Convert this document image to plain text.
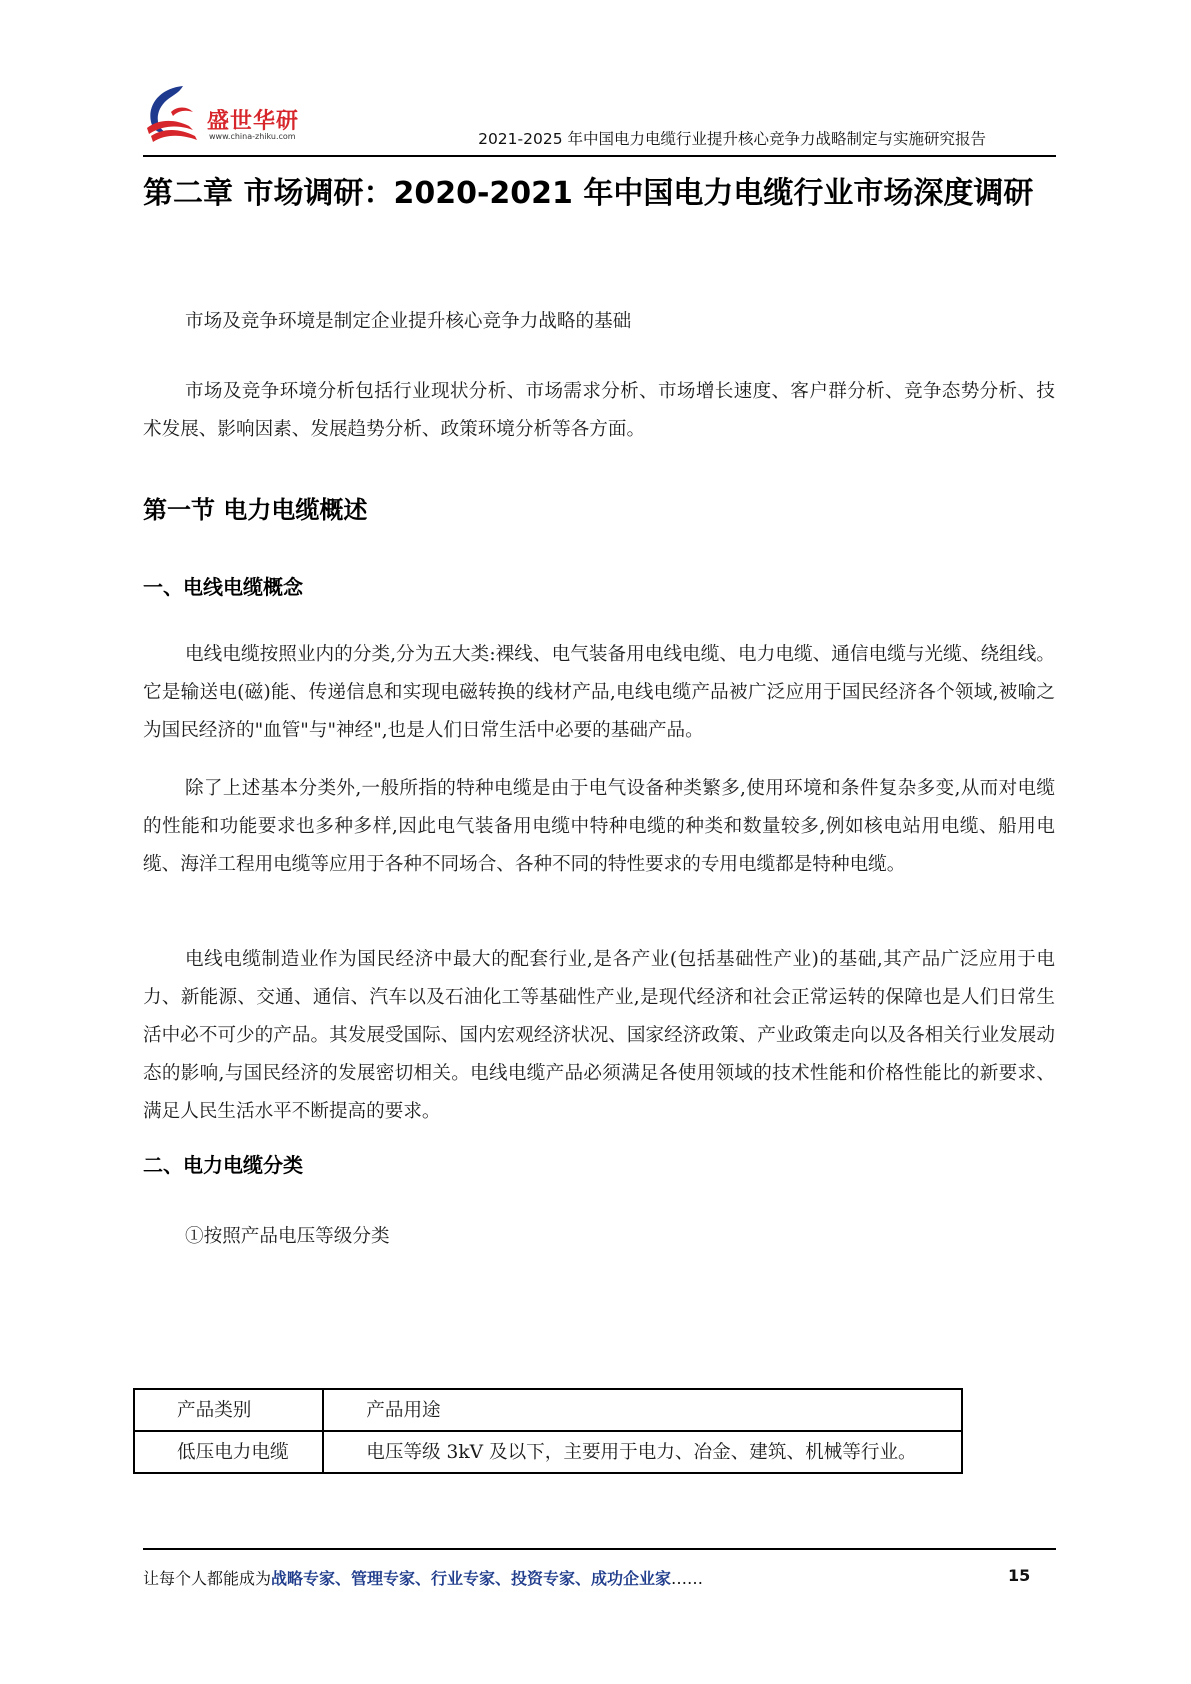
盛世华研
www.china-zhiku.com	2021-2025 年中国电力电缆行业提升核心竞争力战略制定与实施研究报告
第二章 市场调研：2020-2021 年中国电力电缆行业市场深度调研

市场及竞争环境是制定企业提升核心竞争力战略的基础

市场及竞争环境分析包括行业现状分析、市场需求分析、市场增长速度、客户群分析、竞争态势分析、技术发展、影响因素、发展趋势分析、政策环境分析等各方面。

第一节 电力电缆概述
一、电线电缆概念

电线电缆按照业内的分类,分为五大类:裸线、电气装备用电线电缆、电力电缆、通信电缆与光缆、绕组线。它是输送电(磁)能、传递信息和实现电磁转换的线材产品,电线电缆产品被广泛应用于国民经济各个领域,被喻之为国民经济的"血管"与"神经",也是人们日常生活中必要的基础产品。

除了上述基本分类外,一般所指的特种电缆是由于电气设备种类繁多,使用环境和条件复杂多变,从而对电缆的性能和功能要求也多种多样,因此电气装备用电缆中特种电缆的种类和数量较多,例如核电站用电缆、船用电缆、海洋工程用电缆等应用于各种不同场合、各种不同的特性要求的专用电缆都是特种电缆。

电线电缆制造业作为国民经济中最大的配套行业,是各产业(包括基础性产业)的基础,其产品广泛应用于电力、新能源、交通、通信、汽车以及石油化工等基础性产业,是现代经济和社会正常运转的保障也是人们日常生活中必不可少的产品。其发展受国际、国内宏观经济状况、国家经济政策、产业政策走向以及各相关行业发展动态的影响,与国民经济的发展密切相关。电线电缆产品必须满足各使用领域的技术性能和价格性能比的新要求、满足人民生活水平不断提高的要求。

二、电力电缆分类

①按照产品电压等级分类

产品类别	产品用途

低压电力电缆	电压等级 3kV 及以下，主要用于电力、冶金、建筑、机械等行业。
让每个人都能成为战略专家、管理专家、行业专家、投资专家、成功企业家……	15
